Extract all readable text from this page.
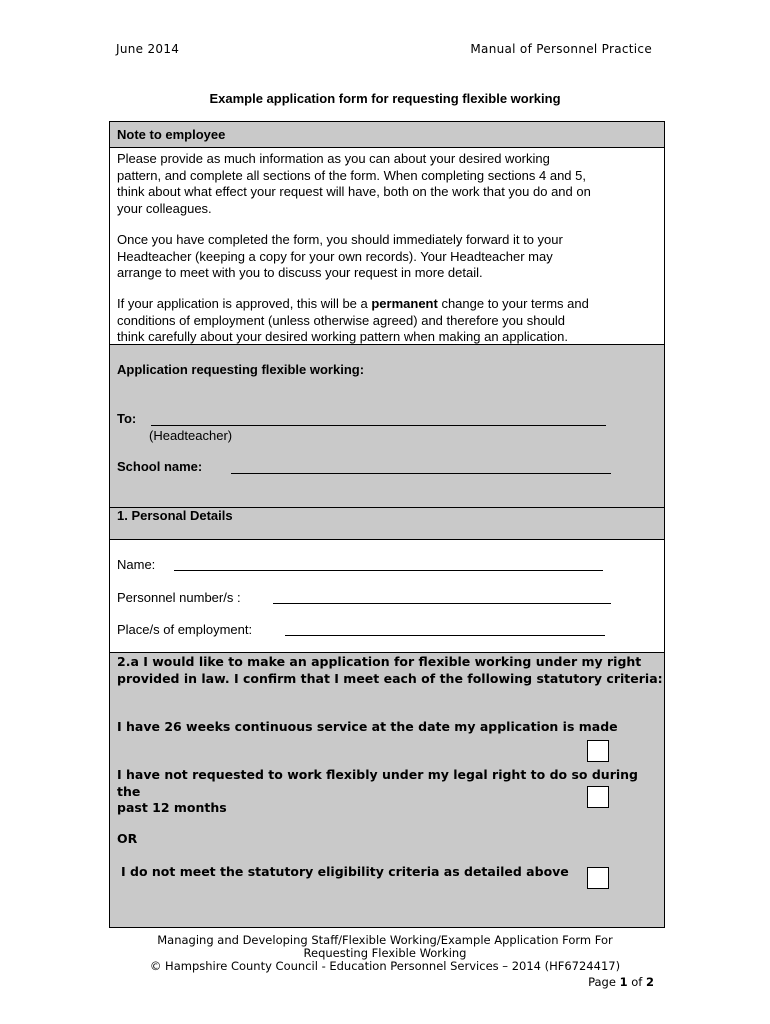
June 2014	Manual of Personnel Practice
Example application form for requesting flexible working
Note to employee
Please provide as much information as you can about your desired working
pattern, and complete all sections of the form. When completing sections 4 and 5,
think about what effect your request will have, both on the work that you do and on
your colleagues.
Once you have completed the form, you should immediately forward it to your
Headteacher (keeping a copy for your own records). Your Headteacher may
arrange to meet with you to discuss your request in more detail.
If your application is approved, this will be a permanent change to your terms and
conditions of employment (unless otherwise agreed) and therefore you should
think carefully about your desired working pattern when making an application.
Application requesting flexible working:
To:
(Headteacher)
School name:
1. Personal Details
Name:
Personnel number/s :
Place/s of employment:
2.a I would like to make an application for flexible working under my right
provided in law. I confirm that I meet each of the following statutory criteria:
I have 26 weeks continuous service at the date my application is made
I have not requested to work flexibly under my legal right to do so during the
past 12 months
OR
I do not meet the statutory eligibility criteria as detailed above
Managing and Developing Staff/Flexible Working/Example Application Form For
Requesting Flexible Working
© Hampshire County Council - Education Personnel Services – 2014 (HF6724417)
Page 1 of 2
